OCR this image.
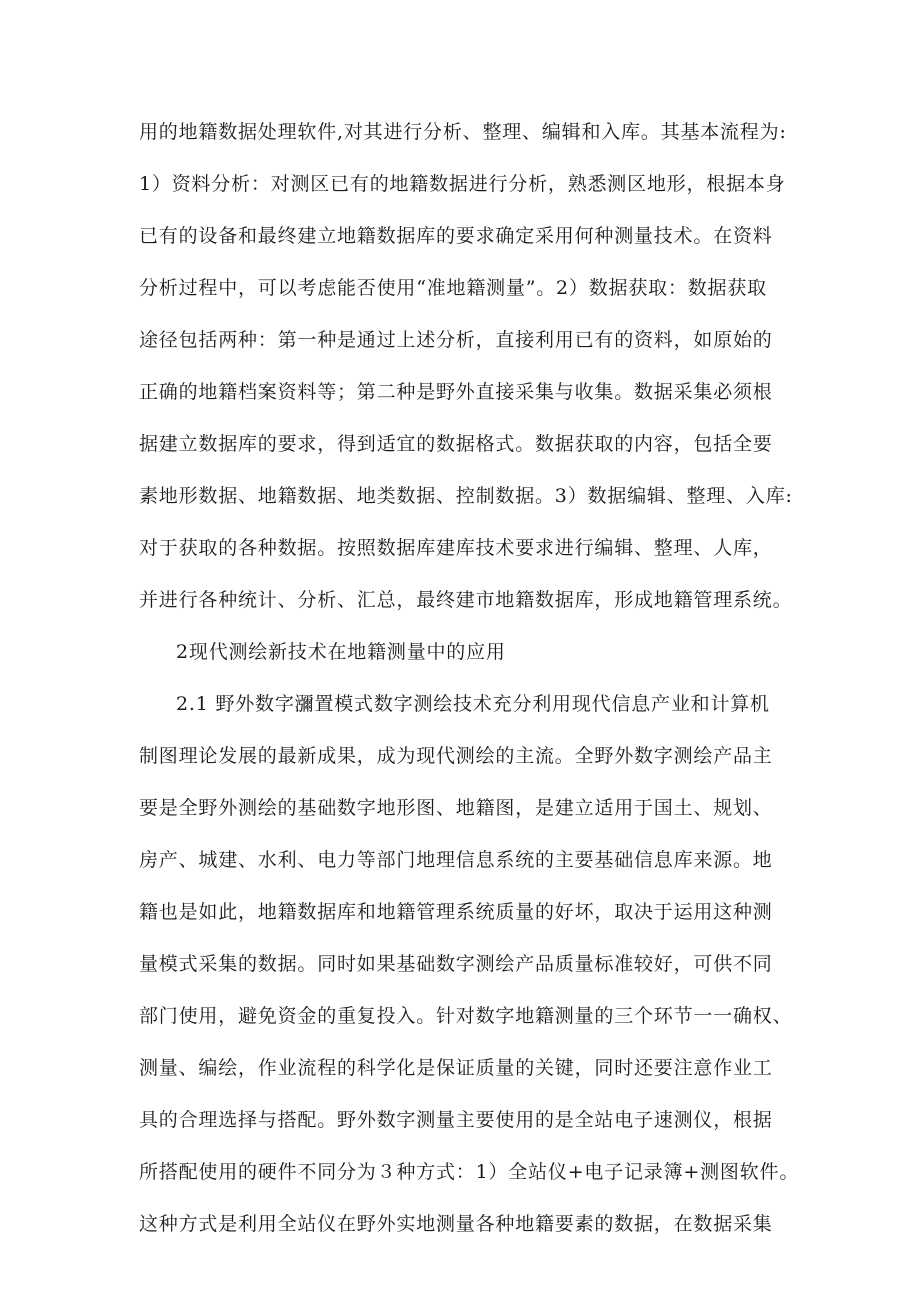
用的地籍数据处理软件,对其进行分析、整理、编辑和入库。其基本流程为:
1）资料分析：对测区已有的地籍数据进行分析，熟悉测区地形，根据本身
已有的设备和最终建立地籍数据库的要求确定采用何种测量技术。在资料
分析过程中，可以考虑能否使用“准地籍测量”。2）数据获取：数据获取
途径包括两种：第一种是通过上述分析，直接利用已有的资料，如原始的
正确的地籍档案资料等；第二种是野外直接采集与收集。数据采集必须根
据建立数据库的要求，得到适宜的数据格式。数据获取的内容，包括全要
素地形数据、地籍数据、地类数据、控制数据。3）数据编辑、整理、入库:
对于获取的各种数据。按照数据库建库技术要求进行编辑、整理、人库，
并进行各种统计、分析、汇总，最终建市地籍数据库，形成地籍管理系统。
2现代测绘新技术在地籍测量中的应用
2.1 野外数字瀰置模式数字测绘技术充分利用现代信息产业和计算机
制图理论发展的最新成果，成为现代测绘的主流。全野外数字测绘产品主
要是全野外测绘的基础数字地形图、地籍图，是建立适用于国土、规划、
房产、城建、水利、电力等部门地理信息系统的主要基础信息库来源。地
籍也是如此，地籍数据库和地籍管理系统质量的好坏，取决于运用这种测
量模式采集的数据。同时如果基础数字测绘产品质量标准较好，可供不同
部门使用，避免资金的重复投入。针对数字地籍测量的三个环节一一确权、
测量、编绘，作业流程的科学化是保证质量的关键，同时还要注意作业工
具的合理选择与搭配。野外数字测量主要使用的是全站电子速测仪，根据
所搭配使用的硬件不同分为３种方式：1）全站仪+电子记录簿+测图软件。
这种方式是利用全站仪在野外实地测量各种地籍要素的数据，在数据采集
